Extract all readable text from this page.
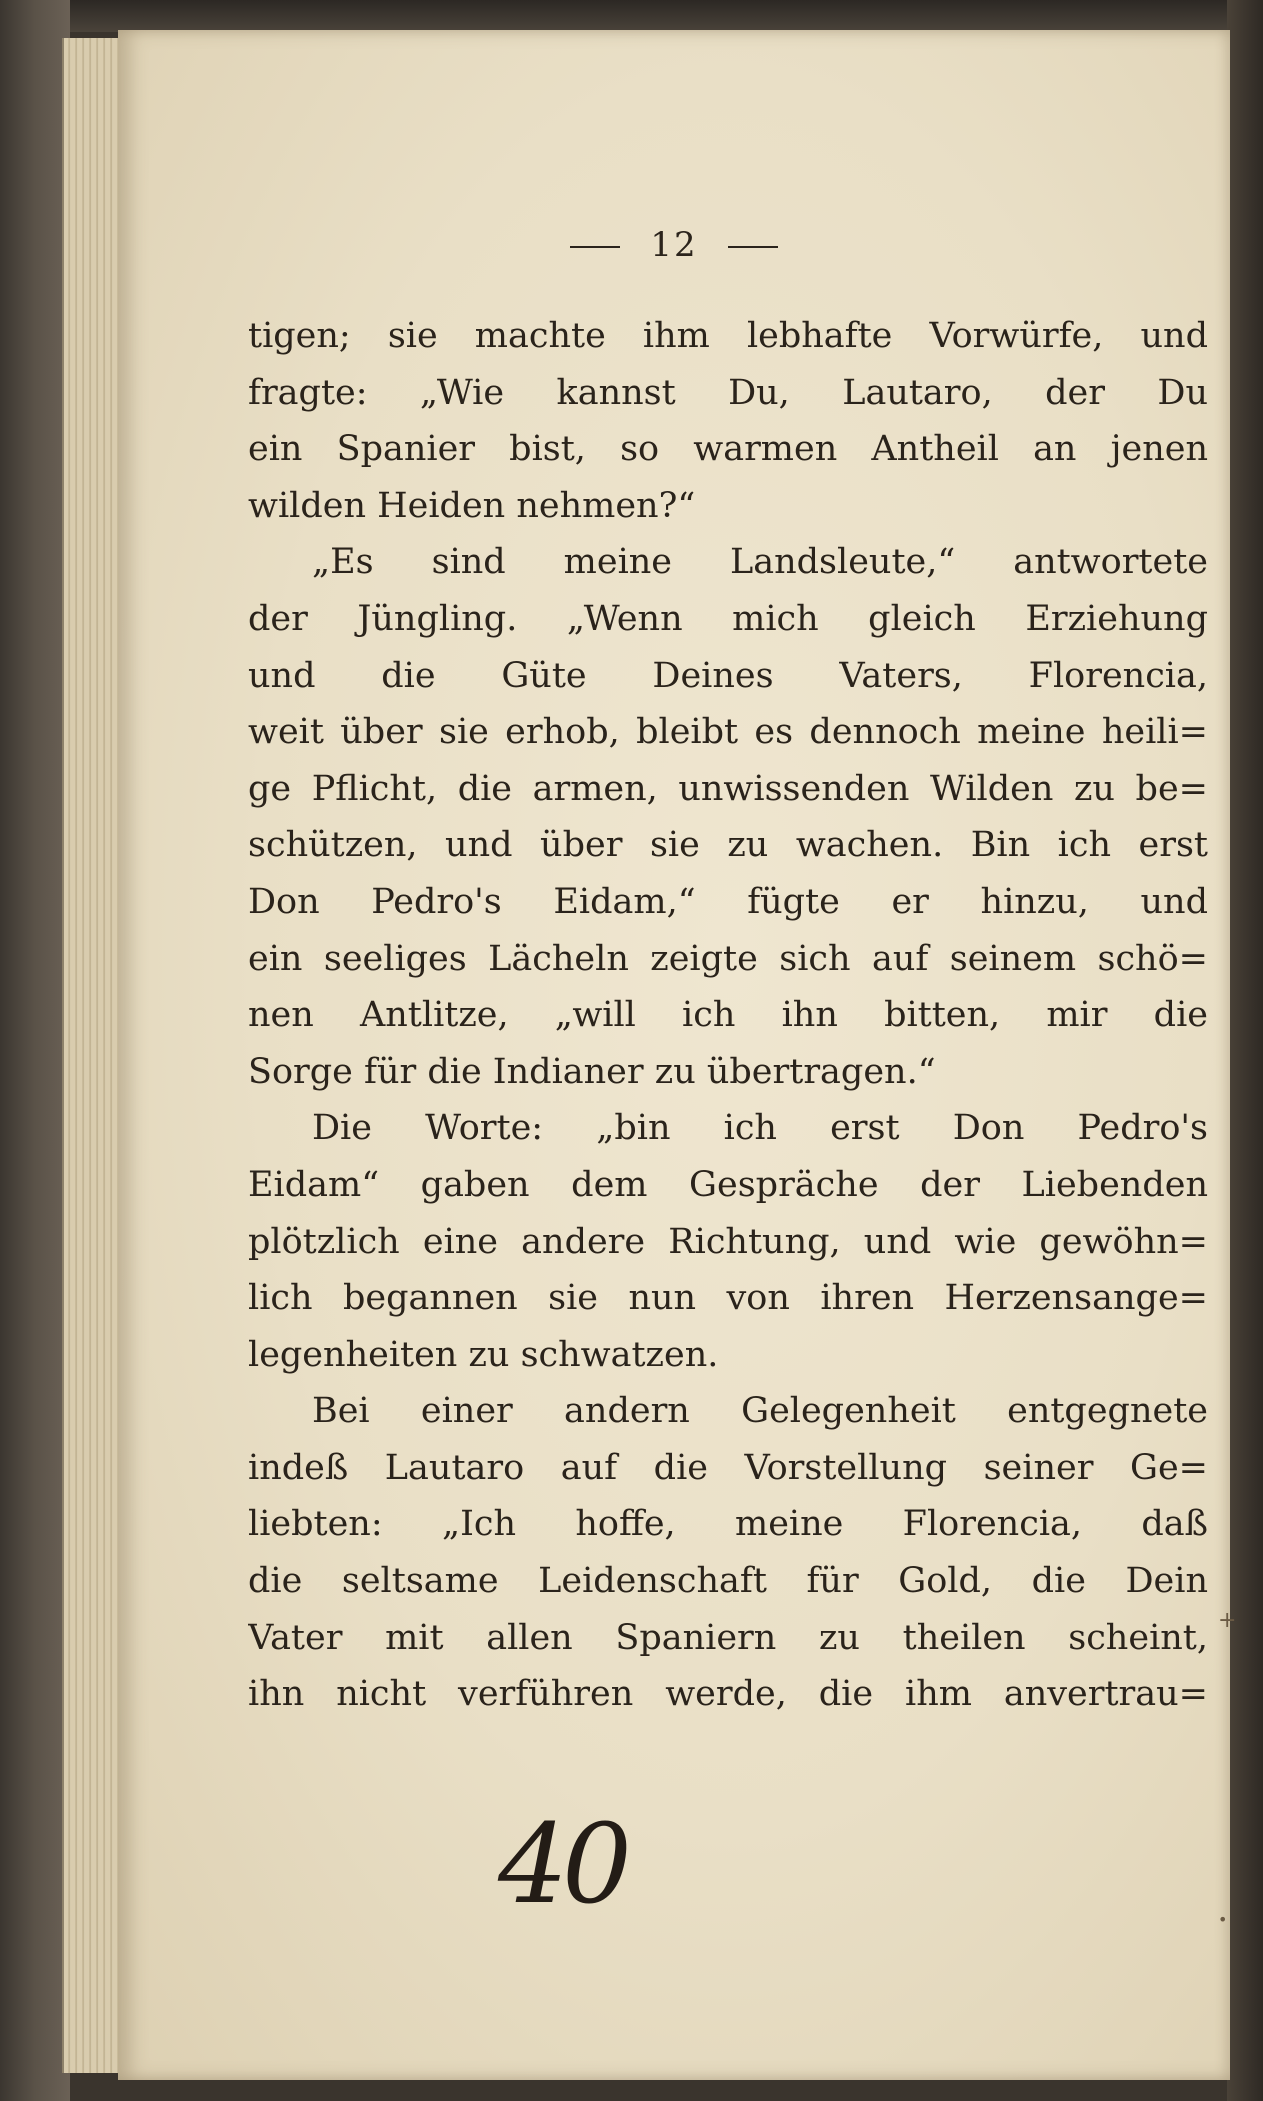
12
tigen; sie machte ihm lebhafte Vorwürfe, und
fragte: „Wie kannst Du, Lautaro, der Du
ein Spanier bist, so warmen Antheil an jenen
wilden Heiden nehmen?“
„Es sind meine Landsleute,“ antwortete
der Jüngling. „Wenn mich gleich Erziehung
und die Güte Deines Vaters, Florencia,
weit über sie erhob, bleibt es dennoch meine heili=
ge Pflicht, die armen, unwissenden Wilden zu be=
schützen, und über sie zu wachen. Bin ich erst
Don Pedro's Eidam,“ fügte er hinzu, und
ein seeliges Lächeln zeigte sich auf seinem schö=
nen Antlitze, „will ich ihn bitten, mir die
Sorge für die Indianer zu übertragen.“
Die Worte: „bin ich erst Don Pedro's
Eidam“ gaben dem Gespräche der Liebenden
plötzlich eine andere Richtung, und wie gewöhn=
lich begannen sie nun von ihren Herzensange=
legenheiten zu schwatzen.
Bei einer andern Gelegenheit entgegnete
indeß Lautaro auf die Vorstellung seiner Ge=
liebten: „Ich hoffe, meine Florencia, daß
die seltsame Leidenschaft für Gold, die Dein
Vater mit allen Spaniern zu theilen scheint,
ihn nicht verführen werde, die ihm anvertrau=
40
+
•
